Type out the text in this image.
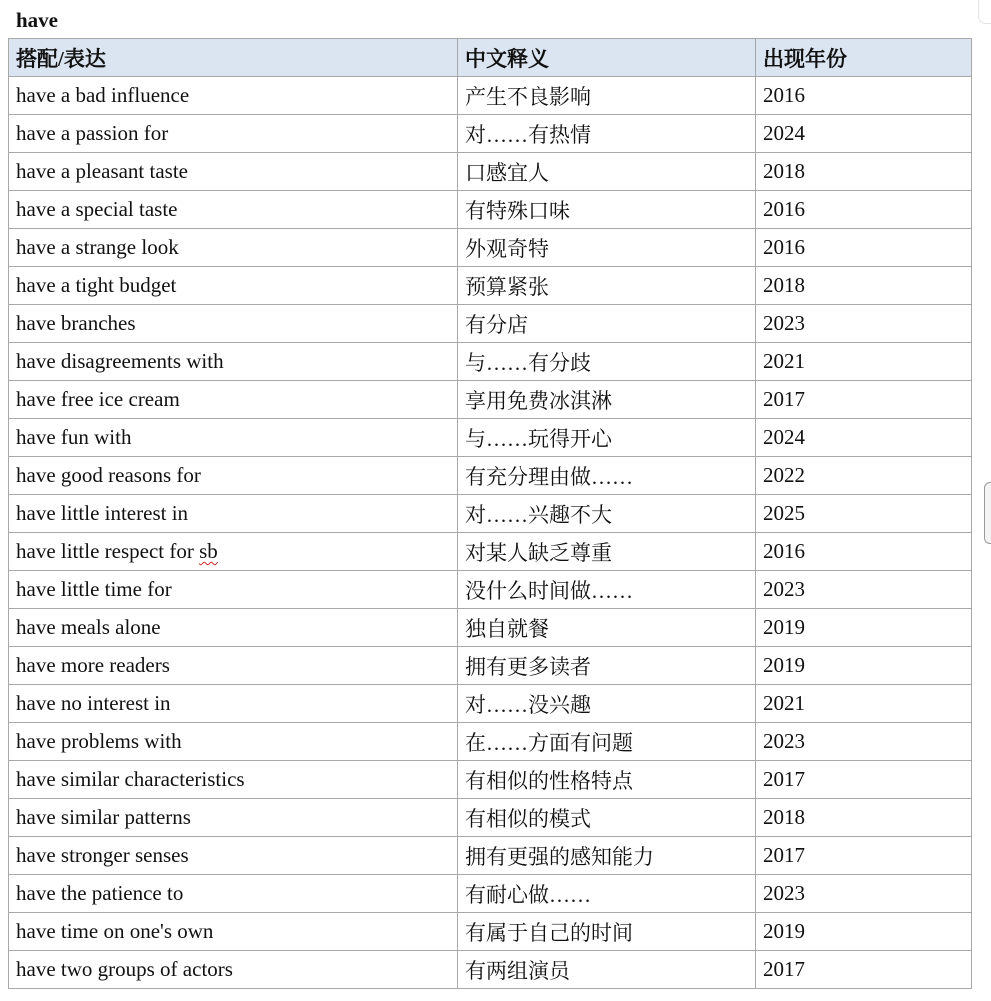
have
搭配/表达	中文释义	出现年份
have a bad influence	产生不良影响	2016
have a passion for	对……有热情	2024
have a pleasant taste	口感宜人	2018
have a special taste	有特殊口味	2016
have a strange look	外观奇特	2016
have a tight budget	预算紧张	2018
have branches	有分店	2023
have disagreements with	与……有分歧	2021
have free ice cream	享用免费冰淇淋	2017
have fun with	与……玩得开心	2024
have good reasons for	有充分理由做……	2022
have little interest in	对……兴趣不大	2025
have little respect for sb	对某人缺乏尊重	2016
have little time for	没什么时间做……	2023
have meals alone	独自就餐	2019
have more readers	拥有更多读者	2019
have no interest in	对……没兴趣	2021
have problems with	在……方面有问题	2023
have similar characteristics	有相似的性格特点	2017
have similar patterns	有相似的模式	2018
have stronger senses	拥有更强的感知能力	2017
have the patience to	有耐心做……	2023
have time on one's own	有属于自己的时间	2019
have two groups of actors	有两组演员	2017
